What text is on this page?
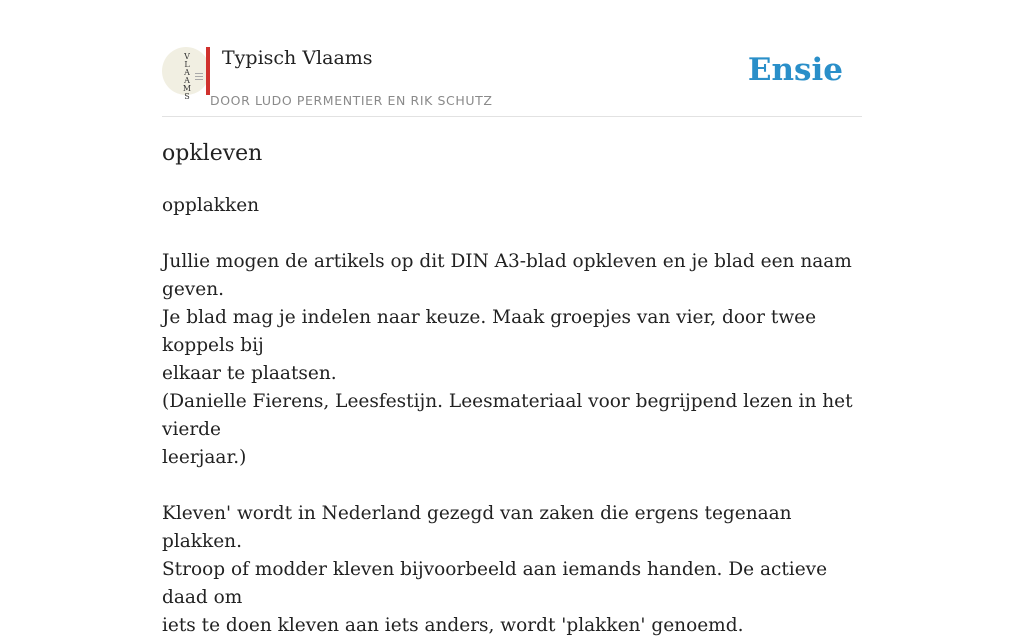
V
L
A
A
M
S
Typisch Vlaams
DOOR LUDO PERMENTIER EN RIK SCHUTZ
Ensie
opkleven
opplakken

Jullie mogen de artikels op dit DIN A3-blad opkleven en je blad een naam geven.

Je blad mag je indelen naar keuze. Maak groepjes van vier, door twee koppels bij

elkaar te plaatsen.

(Danielle Fierens, Leesfestijn. Leesmateriaal voor begrijpend lezen in het vierde

leerjaar.)

Kleven' wordt in Nederland gezegd van zaken die ergens tegenaan plakken.

Stroop of modder kleven bijvoorbeeld aan iemands handen. De actieve daad om

iets te doen kleven aan iets anders, wordt 'plakken' genoemd.
